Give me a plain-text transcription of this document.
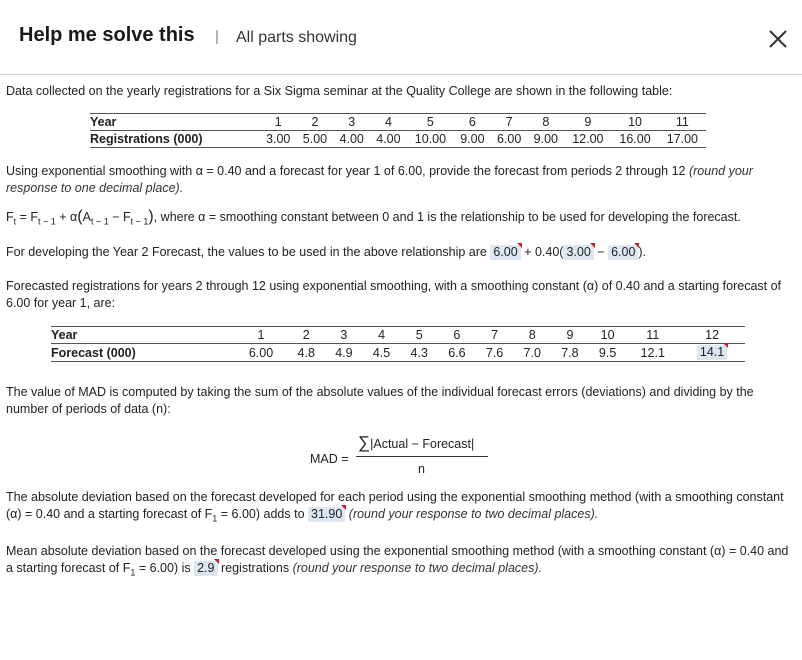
Help me solve this | All parts showing
Data collected on the yearly registrations for a Six Sigma seminar at the Quality College are shown in the following table:
Year	1	2	3	4	5	6	7	8	9	10	11
Registrations (000)	3.00	5.00	4.00	4.00	10.00	9.00	6.00	9.00	12.00	16.00	17.00
Using exponential smoothing with α = 0.40 and a forecast for year 1 of 6.00, provide the forecast from periods 2 through 12 (round your response to one decimal place).
$F_t = F_{t - 1} + \alpha(A_{t - 1} - F_{t - 1})$, where α = smoothing constant between 0 and 1 is the relationship to be used for developing the forecast.
For developing the Year 2 Forecast, the values to be used in the above relationship are 6.00 + 0.40( 3.00 − 6.00 ).
Forecasted registrations for years 2 through 12 using exponential smoothing, with a smoothing constant (α) of 0.40 and a starting forecast of 6.00 for year 1, are:
Year	1	2	3	4	5	6	7	8	9	10	11	12
Forecast (000)	6.00	4.8	4.9	4.5	4.3	6.6	7.6	7.0	7.8	9.5	12.1	14.1
The value of MAD is computed by taking the sum of the absolute values of the individual forecast errors (deviations) and dividing by the number of periods of data (n):
MAD =
∑|Actual − Forecast|
n
The absolute deviation based on the forecast developed for each period using the exponential smoothing method (with a smoothing constant (α) = 0.40 and a starting forecast of $F_1 = 6.00$) adds to 31.90 (round your response to two decimal places).
Mean absolute deviation based on the forecast developed using the exponential smoothing method (with a smoothing constant (α) = 0.40 and a starting forecast of $F_1 = 6.00$) is 2.9 registrations (round your response to two decimal places).
